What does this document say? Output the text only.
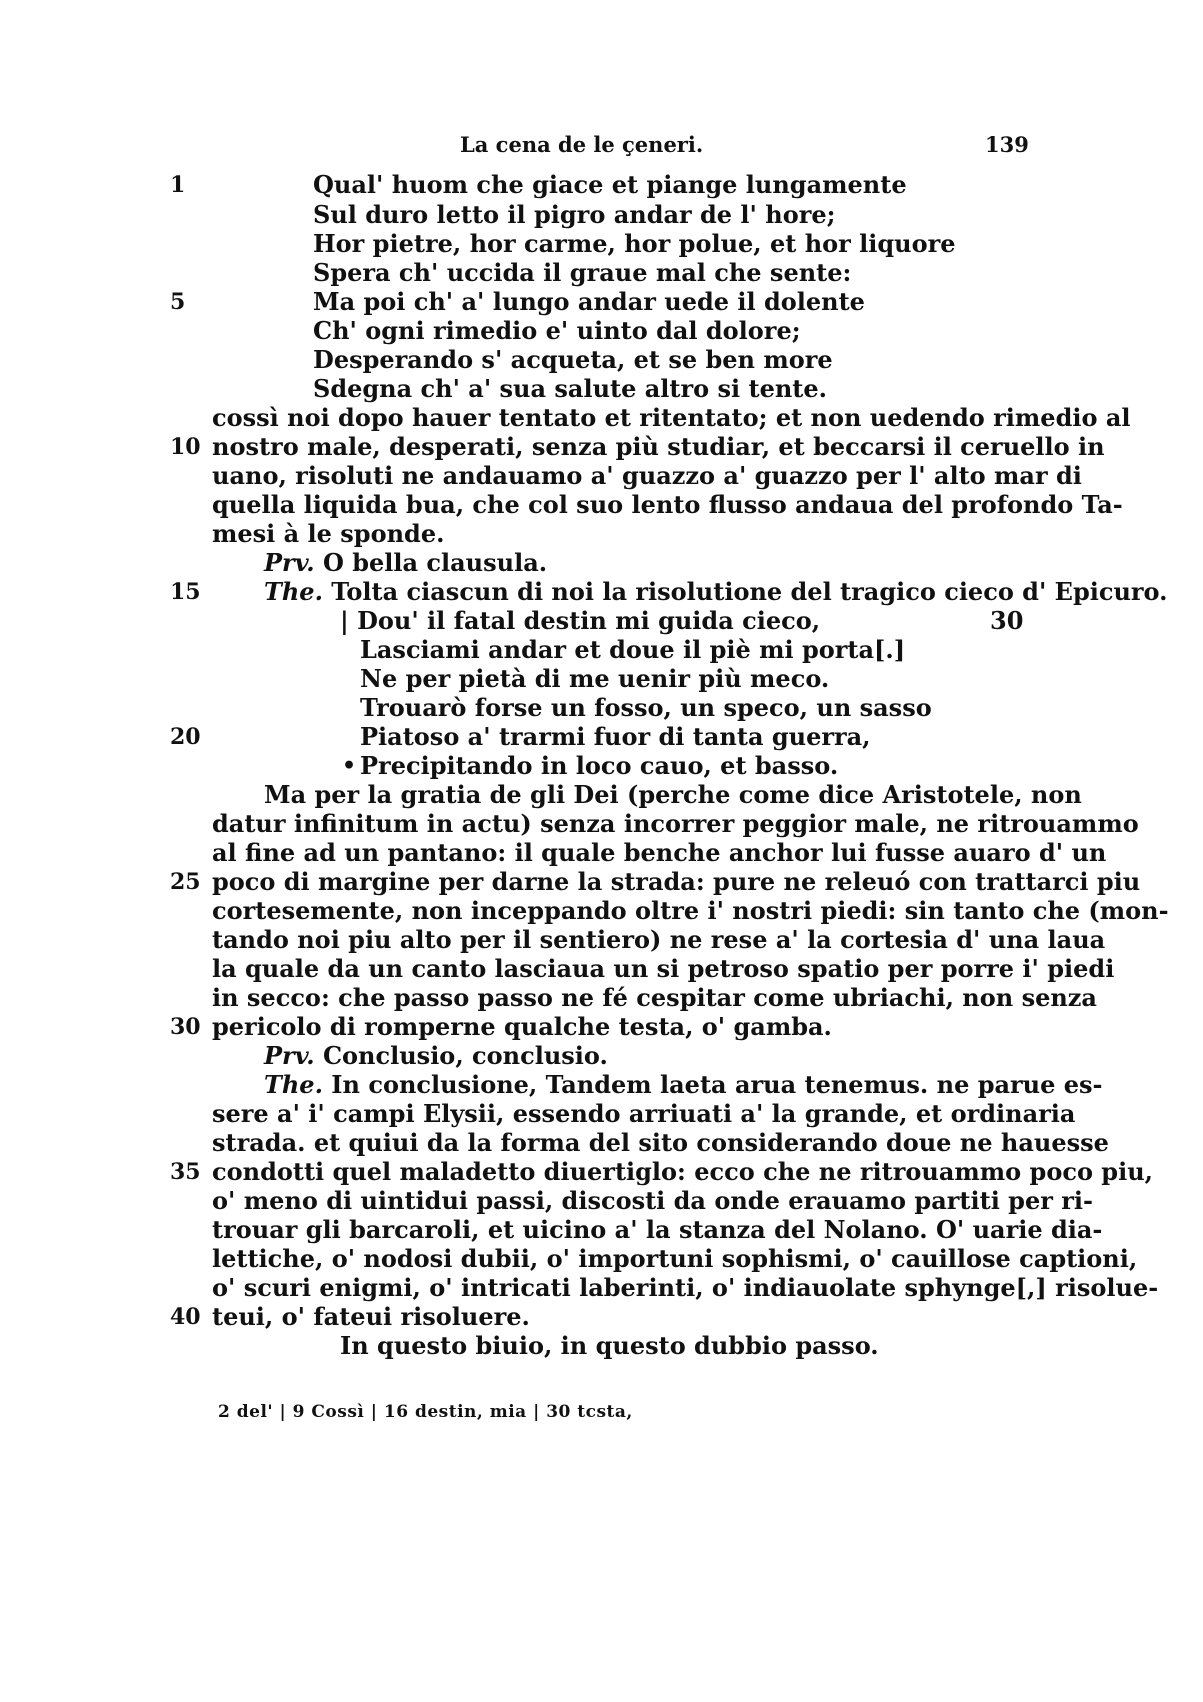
La cena de le çeneri.	139
1	Qual' huom che giace et piange lungamente
Sul duro letto il pigro andar de l' hore;
Hor pietre, hor carme, hor polue, et hor liquore
Spera ch' uccida il graue mal che sente:
5	Ma poi ch' a' lungo andar uede il dolente
Ch' ogni rimedio e' uinto dal dolore;
Desperando s' acqueta, et se ben more
Sdegna ch' a' sua salute altro si tente.
cossì noi dopo hauer tentato et ritentato; et non uedendo rimedio al
10 nostro male, desperati, senza più studiar, et beccarsi il ceruello in
uano, risoluti ne andauamo a' guazzo a' guazzo per l' alto mar di
quella liquida bua, che col suo lento flusso andaua del profondo Ta-
mesi à le sponde.
Prv. O bella clausula.
15	The. Tolta ciascun di noi la risolutione del tragico cieco d' Epicuro.
| Dou' il fatal destin mi guida cieco,	30
Lasciami andar et doue il piè mi porta[.]
Ne per pietà di me uenir più meco.
Trouarò forse un fosso, un speco, un sasso
20	Piatoso a' trarmi fuor di tanta guerra,
• Precipitando in loco cauo, et basso.
Ma per la gratia de gli Dei (perche come dice Aristotele, non
datur infinitum in actu) senza incorrer peggior male, ne ritrouammo
al fine ad un pantano: il quale benche anchor lui fusse auaro d' un
25 poco di margine per darne la strada: pure ne releuó con trattarci piu
cortesemente, non inceppando oltre i' nostri piedi: sin tanto che (mon-
tando noi piu alto per il sentiero) ne rese a' la cortesia d' una laua
la quale da un canto lasciaua un si petroso spatio per porre i' piedi
in secco: che passo passo ne fé cespitar come ubriachi, non senza
30 pericolo di romperne qualche testa, o' gamba.
Prv. Conclusio, conclusio.
The. In conclusione, Tandem laeta arua tenemus. ne parue es-
sere a' i' campi Elysii, essendo arriuati a' la grande, et ordinaria
strada. et quiui da la forma del sito considerando doue ne hauesse
35 condotti quel maladetto diuertiglo: ecco che ne ritrouammo poco piu,
o' meno di uintidui passi, discosti da onde erauamo partiti per ri-
trouar gli barcaroli, et uicino a' la stanza del Nolano. O' uarie dia-
lettiche, o' nodosi dubii, o' importuni sophismi, o' cauillose captioni,
o' scuri enigmi, o' intricati laberinti, o' indiauolate sphynge[,] risolue-
40 teui, o' fateui risoluere.
In questo biuio, in questo dubbio passo.
2 del' | 9 Cossì | 16 destin, mia | 30 tcsta,
